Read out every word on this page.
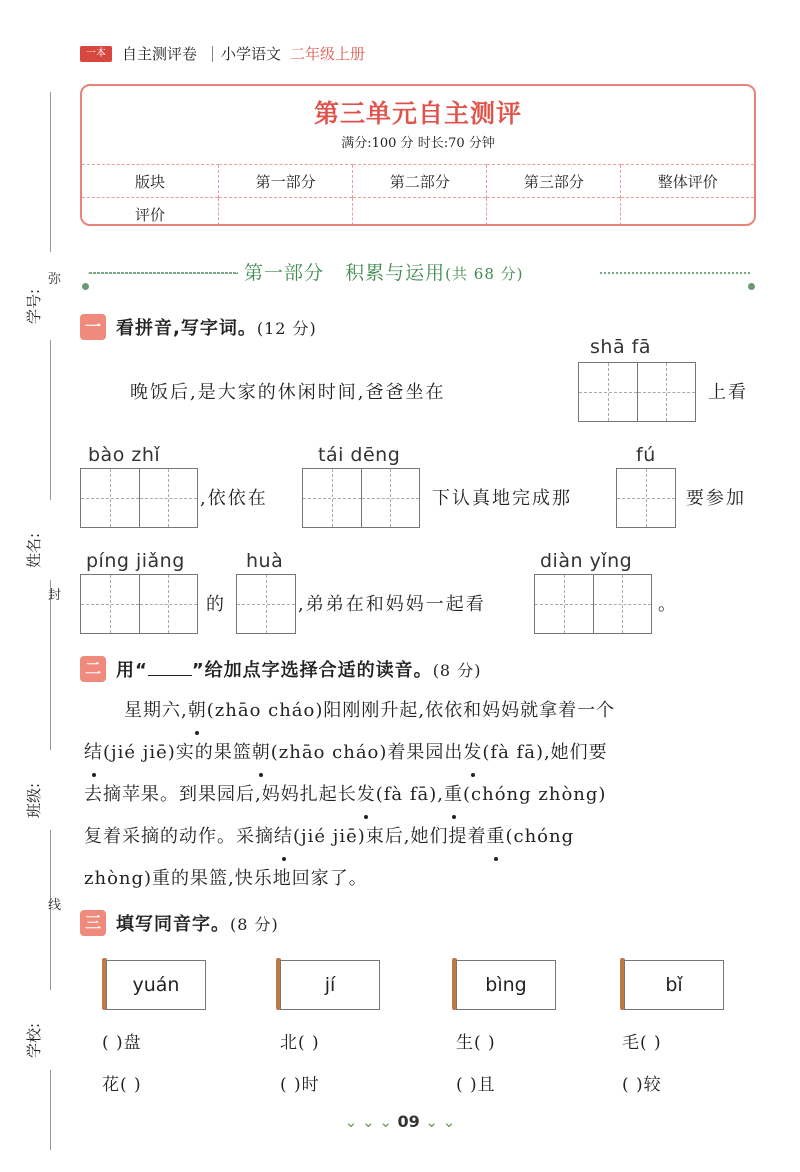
一本	自主测评卷 小学语文 二年级上册
第三单元自主测评
满分:100 分 时长:70 分钟
版块	第一部分	第二部分	第三部分	整体评价
评价				
学号:
姓名:
班级:
学校:
弥
封
线
第一部分 积累与运用(共 68 分)
一 看拼音,写字词。(12 分)
shā fā
晚饭后,是大家的休闲时间,爸爸坐在	上看
bào zhǐ
,依依在
tái dēng
下认真地完成那
fú
要参加
píng jiǎng
的
huà
,弟弟在和妈妈一起看
diàn yǐng
。
二 用“ ”给加点字选择合适的读音。(8 分)
星期六,朝(zhāo cháo)阳刚刚升起,依依和妈妈就拿着一个
结(jié jiē)实的果篮朝(zhāo cháo)着果园出发(fà fā),她们要
去摘苹果。到果园后,妈妈扎起长发(fà fā),重(chóng zhòng)
复着采摘的动作。采摘结(jié jiē)束后,她们提着重(chóng
zhòng)重的果篮,快乐地回家了。
三 填写同音字。(8 分)
yuán
( )盘
花( )
jí
北( )
( )时
bìng
生( )
( )且
bǐ
毛( )
( )较
⌄ ⌄ ⌄ 09 ⌄ ⌄
